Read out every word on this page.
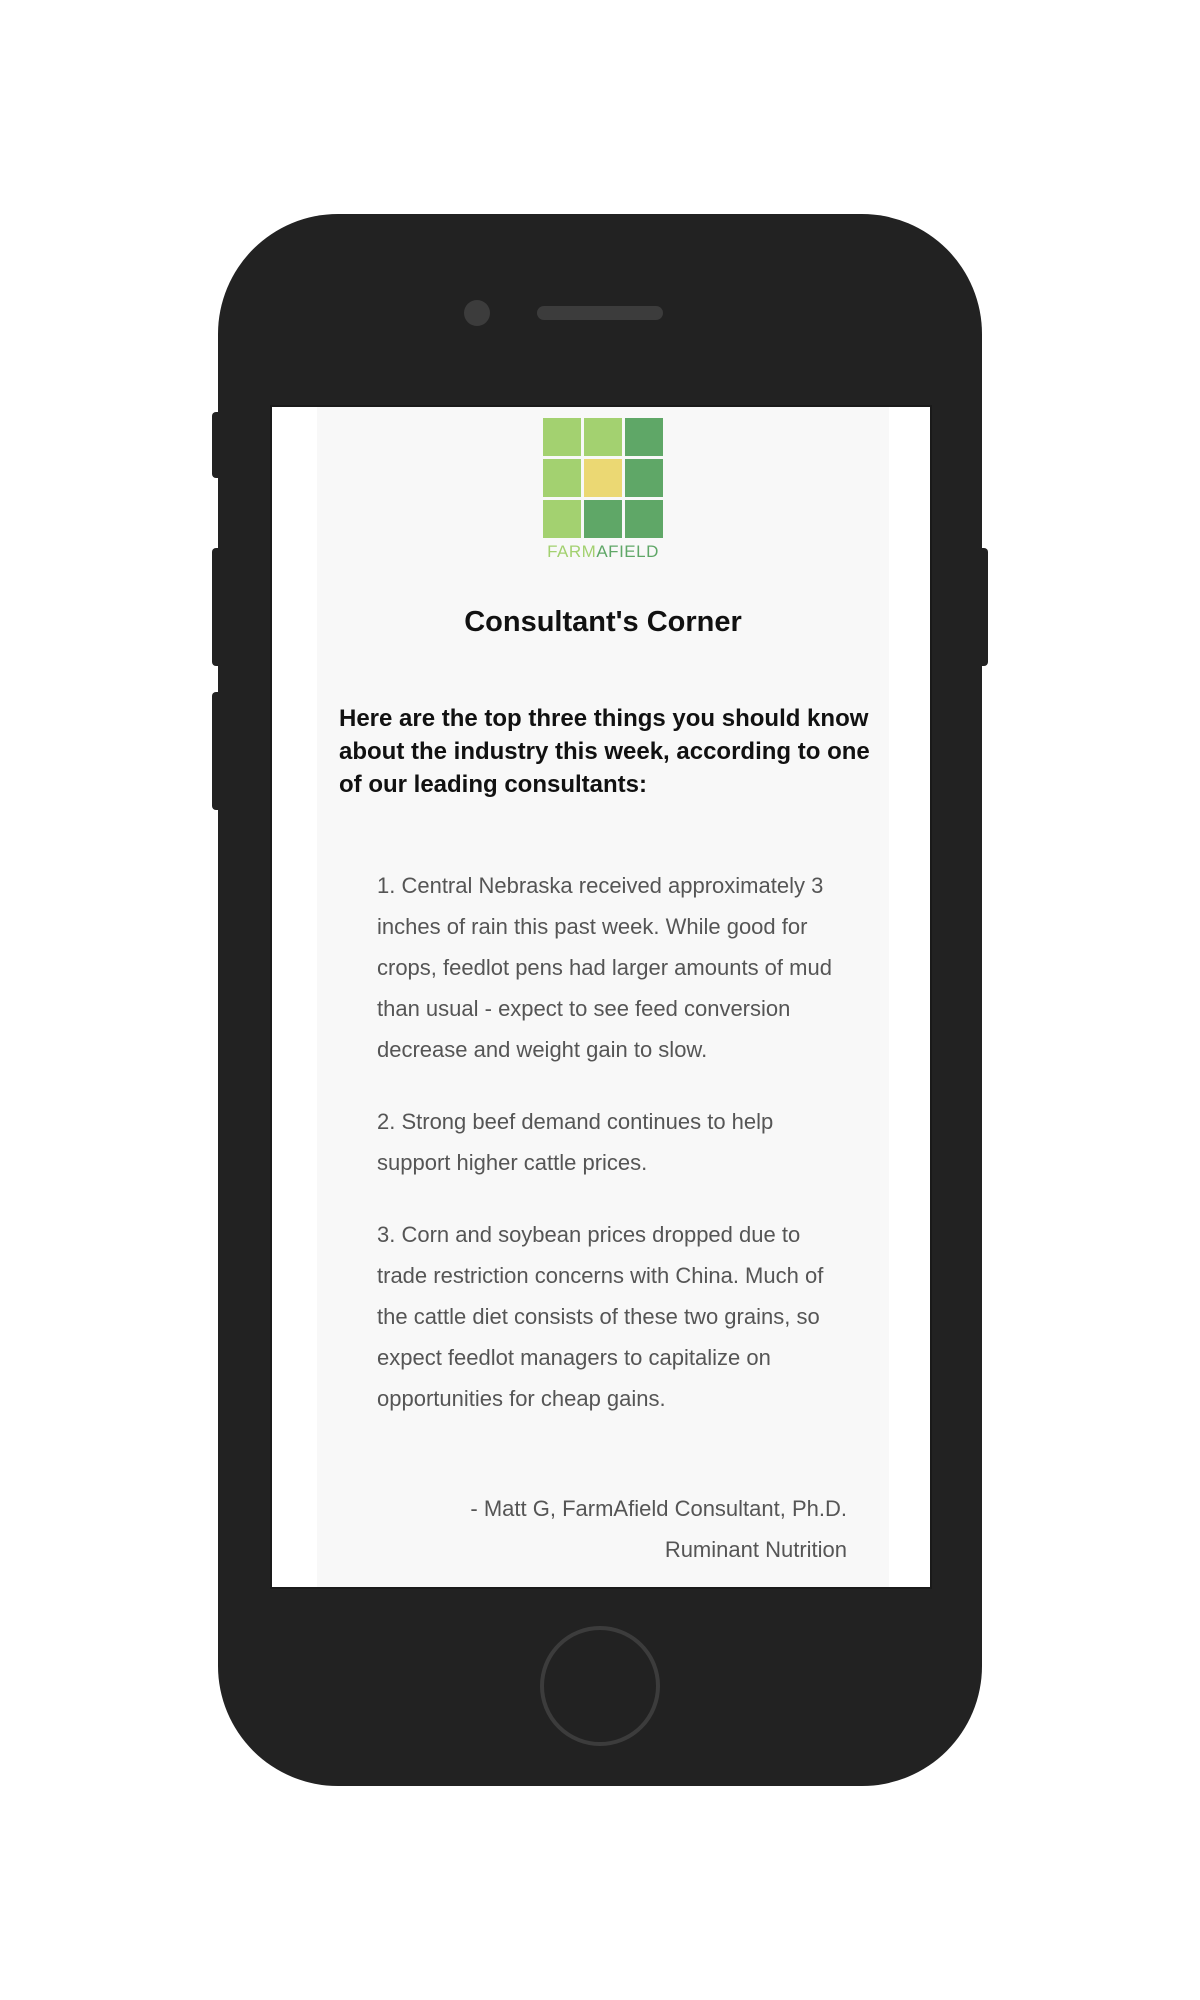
FARMAFIELD
Consultant's Corner

Here are the top three things you should know about the industry this week, according to one of our leading consultants:

1. Central Nebraska received approximately 3 inches of rain this past week. While good for crops, feedlot pens had larger amounts of mud than usual - expect to see feed conversion decrease and weight gain to slow.

2. Strong beef demand continues to help support higher cattle prices.

3. Corn and soybean prices dropped due to trade restriction concerns with China. Much of the cattle diet consists of these two grains, so expect feedlot managers to capitalize on opportunities for cheap gains.

- Matt G, FarmAfield Consultant, Ph.D. Ruminant Nutrition
